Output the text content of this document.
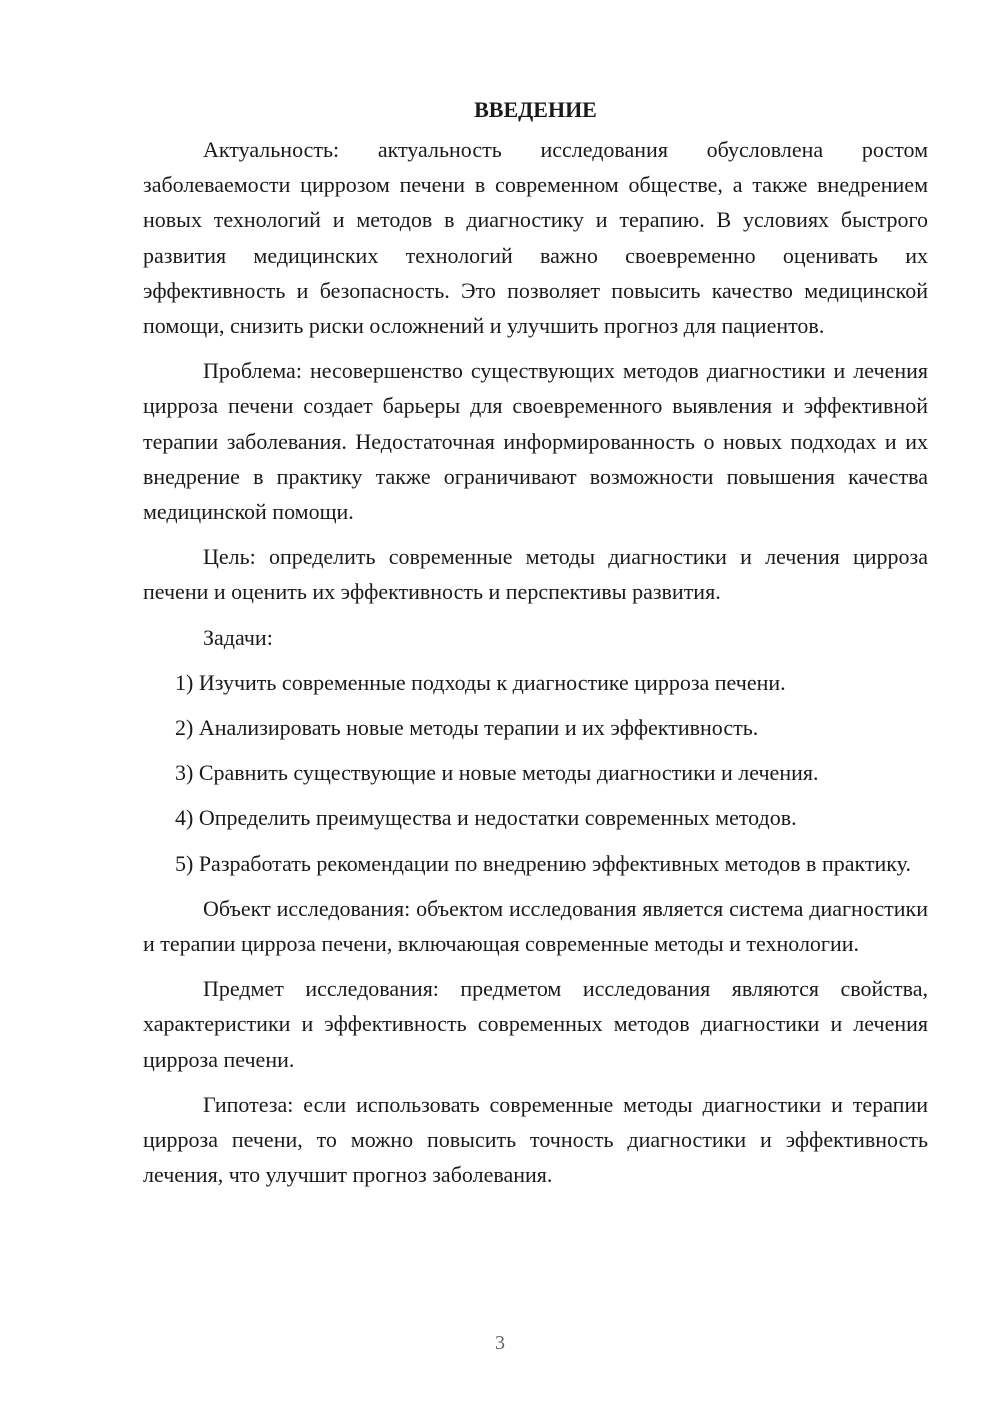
ВВЕДЕНИЕ

Актуальность: актуальность исследования обусловлена ростом заболеваемости циррозом печени в современном обществе, а также внедрением новых технологий и методов в диагностику и терапию. В условиях быстрого развития медицинских технологий важно своевременно оценивать их эффективность и безопасность. Это позволяет повысить качество медицинской помощи, снизить риски осложнений и улучшить прогноз для пациентов.

Проблема: несовершенство существующих методов диагностики и лечения цирроза печени создает барьеры для своевременного выявления и эффективной терапии заболевания. Недостаточная информированность о новых подходах и их внедрение в практику также ограничивают возможности повышения качества медицинской помощи.

Цель: определить современные методы диагностики и лечения цирроза печени и оценить их эффективность и перспективы развития.

Задачи:

1) Изучить современные подходы к диагностике цирроза печени.

2) Анализировать новые методы терапии и их эффективность.

3) Сравнить существующие и новые методы диагностики и лечения.

4) Определить преимущества и недостатки современных методов.

5) Разработать рекомендации по внедрению эффективных методов в практику.

Объект исследования: объектом исследования является система диагностики и терапии цирроза печени, включающая современные методы и технологии.

Предмет исследования: предметом исследования являются свойства, характеристики и эффективность современных методов диагностики и лечения цирроза печени.

Гипотеза: если использовать современные методы диагностики и терапии цирроза печени, то можно повысить точность диагностики и эффективность лечения, что улучшит прогноз заболевания.

3
